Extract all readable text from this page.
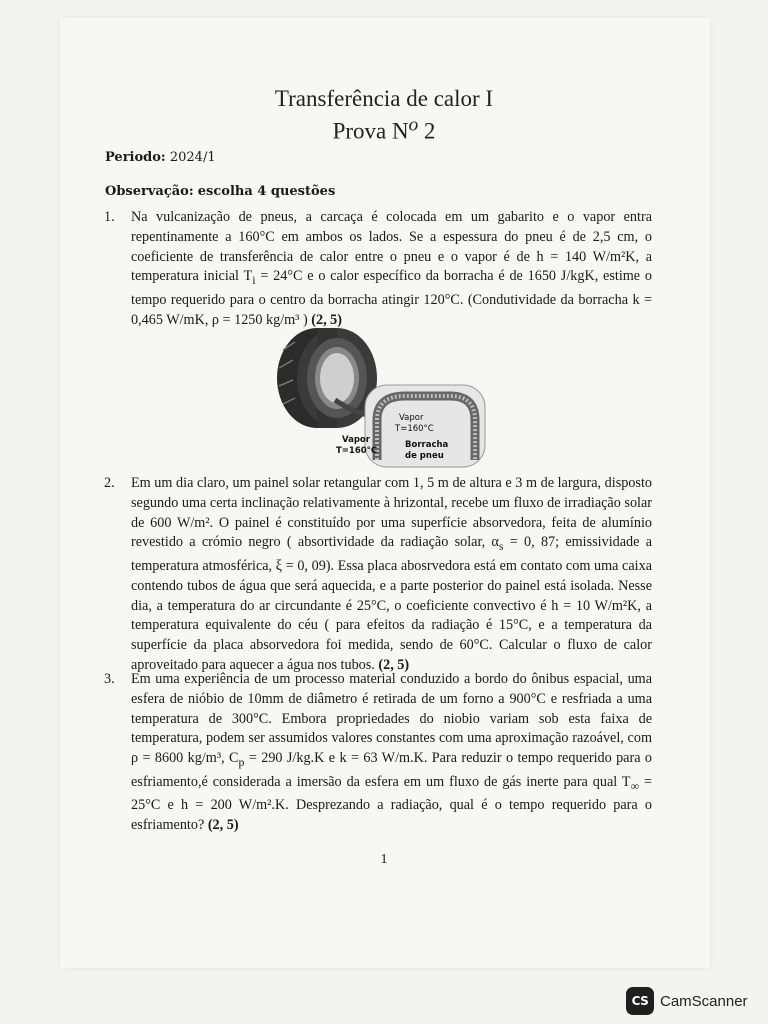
Transferência de calor I
Prova $N^o$ 2
Periodo: 2024/1
Observação: escolha 4 questões
1. Na vulcanização de pneus, a carcaça é colocada em um gabarito e o vapor entra repentinamente a 160°C em ambos os lados. Se a espessura do pneu é de 2,5 cm, o coeficiente de transferência de calor entre o pneu e o vapor é de h = 140 W/m²K, a temperatura inicial $T_i = 24^\circ C$ e o calor específico da borracha é de 1650 J/kgK, estime o tempo requerido para o centro da borracha atingir 120°C. (Condutividade da borracha k = 0,465 W/mK, ρ = 1250 kg/m³ ) (2, 5)
Vapor
T=160°C
Borracha
de pneu
Vapor
T=160°C
2. Em um dia claro, um painel solar retangular com 1, 5 m de altura e 3 m de largura, disposto segundo uma certa inclinação relativamente à hrizontal, recebe um fluxo de irradiação solar de 600 W/m². O painel é constituído por uma superfície absorvedora, feita de alumínio revestido a crómio negro ( absortividade da radiação solar, $\alpha_s = 0$, 87; emissividade a temperatura atmosférica, ξ = 0, 09). Essa placa abosrvedora está em contato com uma caixa contendo tubos de água que será aquecida, e a parte posterior do painel está isolada. Nesse dia, a temperatura do ar circundante é 25°C, o coeficiente convectivo é h = 10 W/m²K, a temperatura equivalente do céu ( para efeitos da radiação é 15°C, e a temperatura da superfície da placa absorvedora foi medida, sendo de 60°C. Calcular o fluxo de calor aproveitado para aquecer a água nos tubos. (2, 5)
3. Em uma experiência de um processo material conduzido a bordo do ônibus espacial, uma esfera de nióbio de 10mm de diâmetro é retirada de um forno a 900°C e resfriada a uma temperatura de 300°C. Embora propriedades do niobio variam sob esta faixa de temperatura, podem ser assumidos valores constantes com uma aproximação razoável, com ρ = 8600 kg/m³, $C_p = 290$ J/kg.K e k = 63 W/m.K. Para reduzir o tempo requerido para o esfriamento,é considerada a imersão da esfera em um fluxo de gás inerte para qual $T_\infty = 25^\circ C$ e h = 200 W/m².K. Desprezando a radiação, qual é o tempo requerido para o esfriamento? (2, 5)
1
CS CamScanner
